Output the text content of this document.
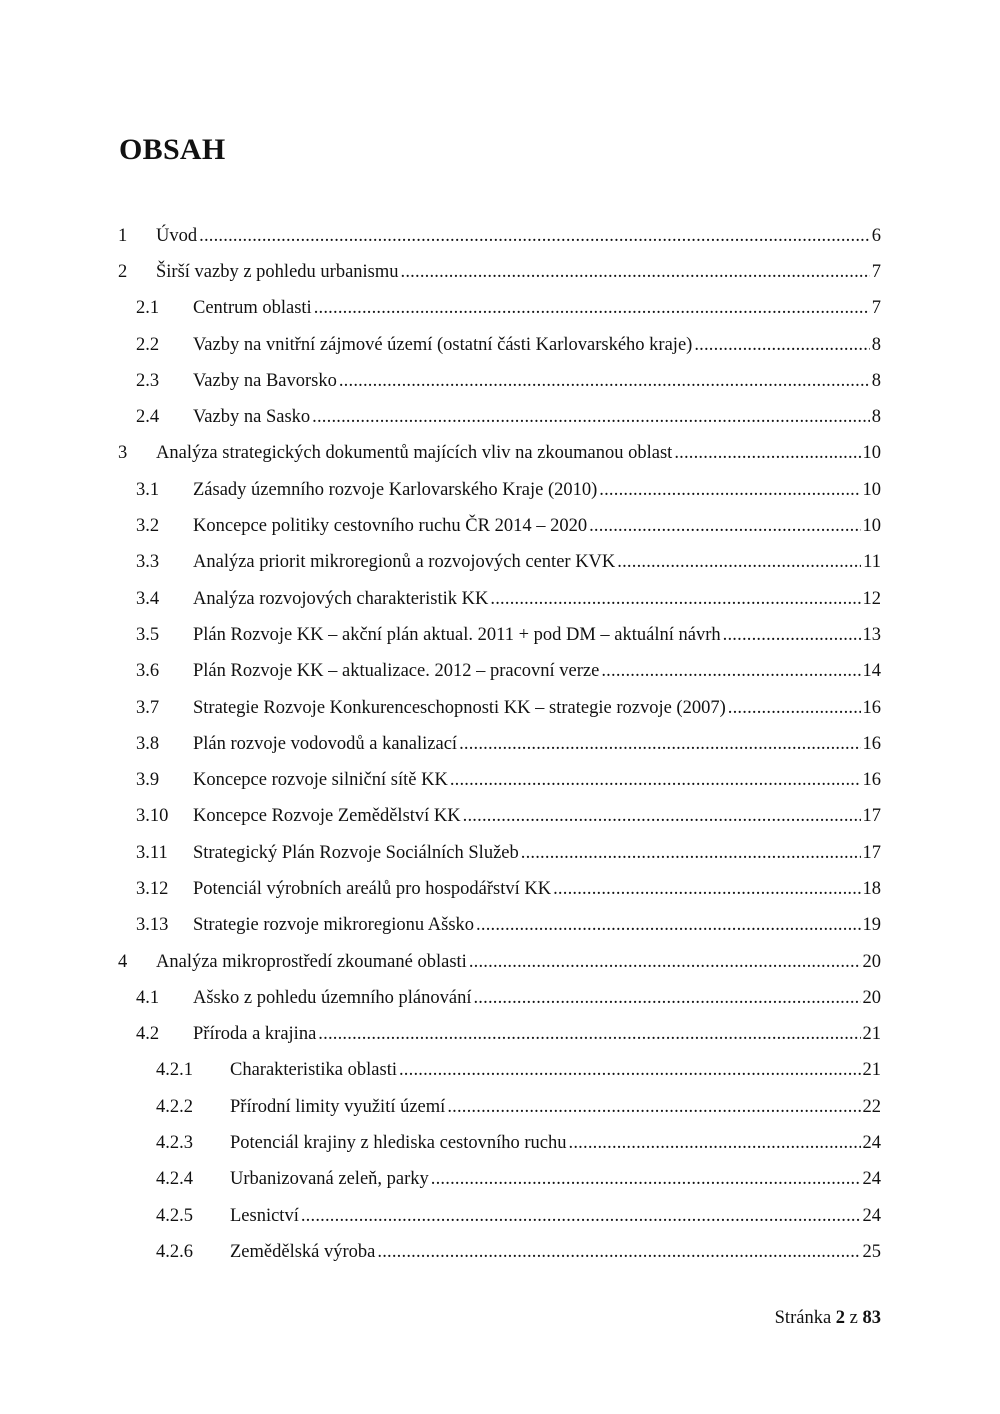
OBSAH
1 Úvod .....	6
2 Širší vazby z pohledu urbanismu .....	7
2.1 Centrum oblasti .....	7
2.2 Vazby na vnitřní zájmové území (ostatní části Karlovarského kraje) .....	8
2.3 Vazby na Bavorsko .....	8
2.4 Vazby na Sasko .....	8
3 Analýza strategických dokumentů majících vliv na zkoumanou oblast .....	10
3.1 Zásady územního rozvoje Karlovarského Kraje (2010) .....	10
3.2 Koncepce politiky cestovního ruchu ČR 2014 – 2020 .....	10
3.3 Analýza priorit mikroregionů a rozvojových center KVK .....	11
3.4 Analýza rozvojových charakteristik KK .....	12
3.5 Plán Rozvoje KK – akční plán aktual. 2011 + pod DM – aktuální návrh .....	13
3.6 Plán Rozvoje KK – aktualizace. 2012 – pracovní verze .....	14
3.7 Strategie Rozvoje Konkurenceschopnosti KK – strategie rozvoje (2007) .....	16
3.8 Plán rozvoje vodovodů a kanalizací .....	16
3.9 Koncepce rozvoje silniční sítě KK .....	16
3.10 Koncepce Rozvoje Zemědělství KK .....	17
3.11 Strategický Plán Rozvoje Sociálních Služeb .....	17
3.12 Potenciál výrobních areálů pro hospodářství KK .....	18
3.13 Strategie rozvoje mikroregionu Ašsko .....	19
4 Analýza mikroprostředí zkoumané oblasti .....	20
4.1 Ašsko z pohledu územního plánování .....	20
4.2 Příroda a krajina .....	21
4.2.1 Charakteristika oblasti .....	21
4.2.2 Přírodní limity využití území .....	22
4.2.3 Potenciál krajiny z hlediska cestovního ruchu .....	24
4.2.4 Urbanizovaná zeleň, parky .....	24
4.2.5 Lesnictví .....	24
4.2.6 Zemědělská výroba .....	25
Stránka 2 z 83
